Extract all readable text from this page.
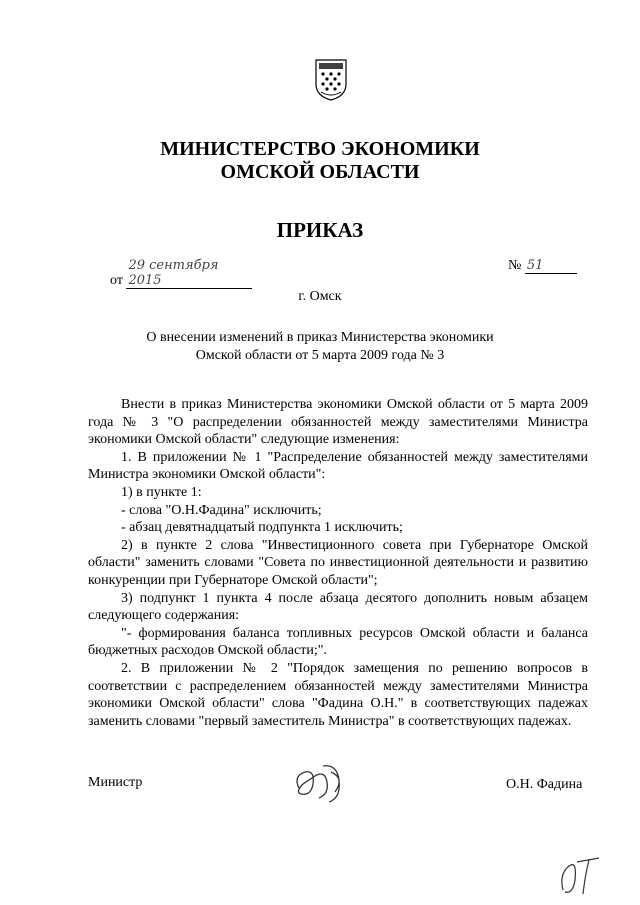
МИНИСТЕРСТВО ЭКОНОМИКИ
ОМСКОЙ ОБЛАСТИ
ПРИКАЗ
от 29 сентября 2015
№ 51
г. Омск
О внесении изменений в приказ Министерства экономики
Омской области от 5 марта 2009 года № 3

Внести в приказ Министерства экономики Омской области от 5 марта 2009 года № 3 "О распределении обязанностей между заместителями Министра экономики Омской области" следующие изменения:

1. В приложении № 1 "Распределение обязанностей между заместителями Министра экономики Омской области":

1) в пункте 1:

- слова "О.Н.Фадина" исключить;

- абзац девятнадцатый подпункта 1 исключить;

2) в пункте 2 слова "Инвестиционного совета при Губернаторе Омской области" заменить словами "Совета по инвестиционной деятельности и развитию конкуренции при Губернаторе Омской области";

3) подпункт 1 пункта 4 после абзаца десятого дополнить новым абзацем следующего содержания:

"- формирования баланса топливных ресурсов Омской области и баланса бюджетных расходов Омской области;".

2. В приложении № 2 "Порядок замещения по решению вопросов в соответствии с распределением обязанностей между заместителями Министра экономики Омской области" слова "Фадина О.Н." в соответствующих падежах заменить словами "первый заместитель Министра" в соответствующих падежах.

Министр	О.Н. Фадина
